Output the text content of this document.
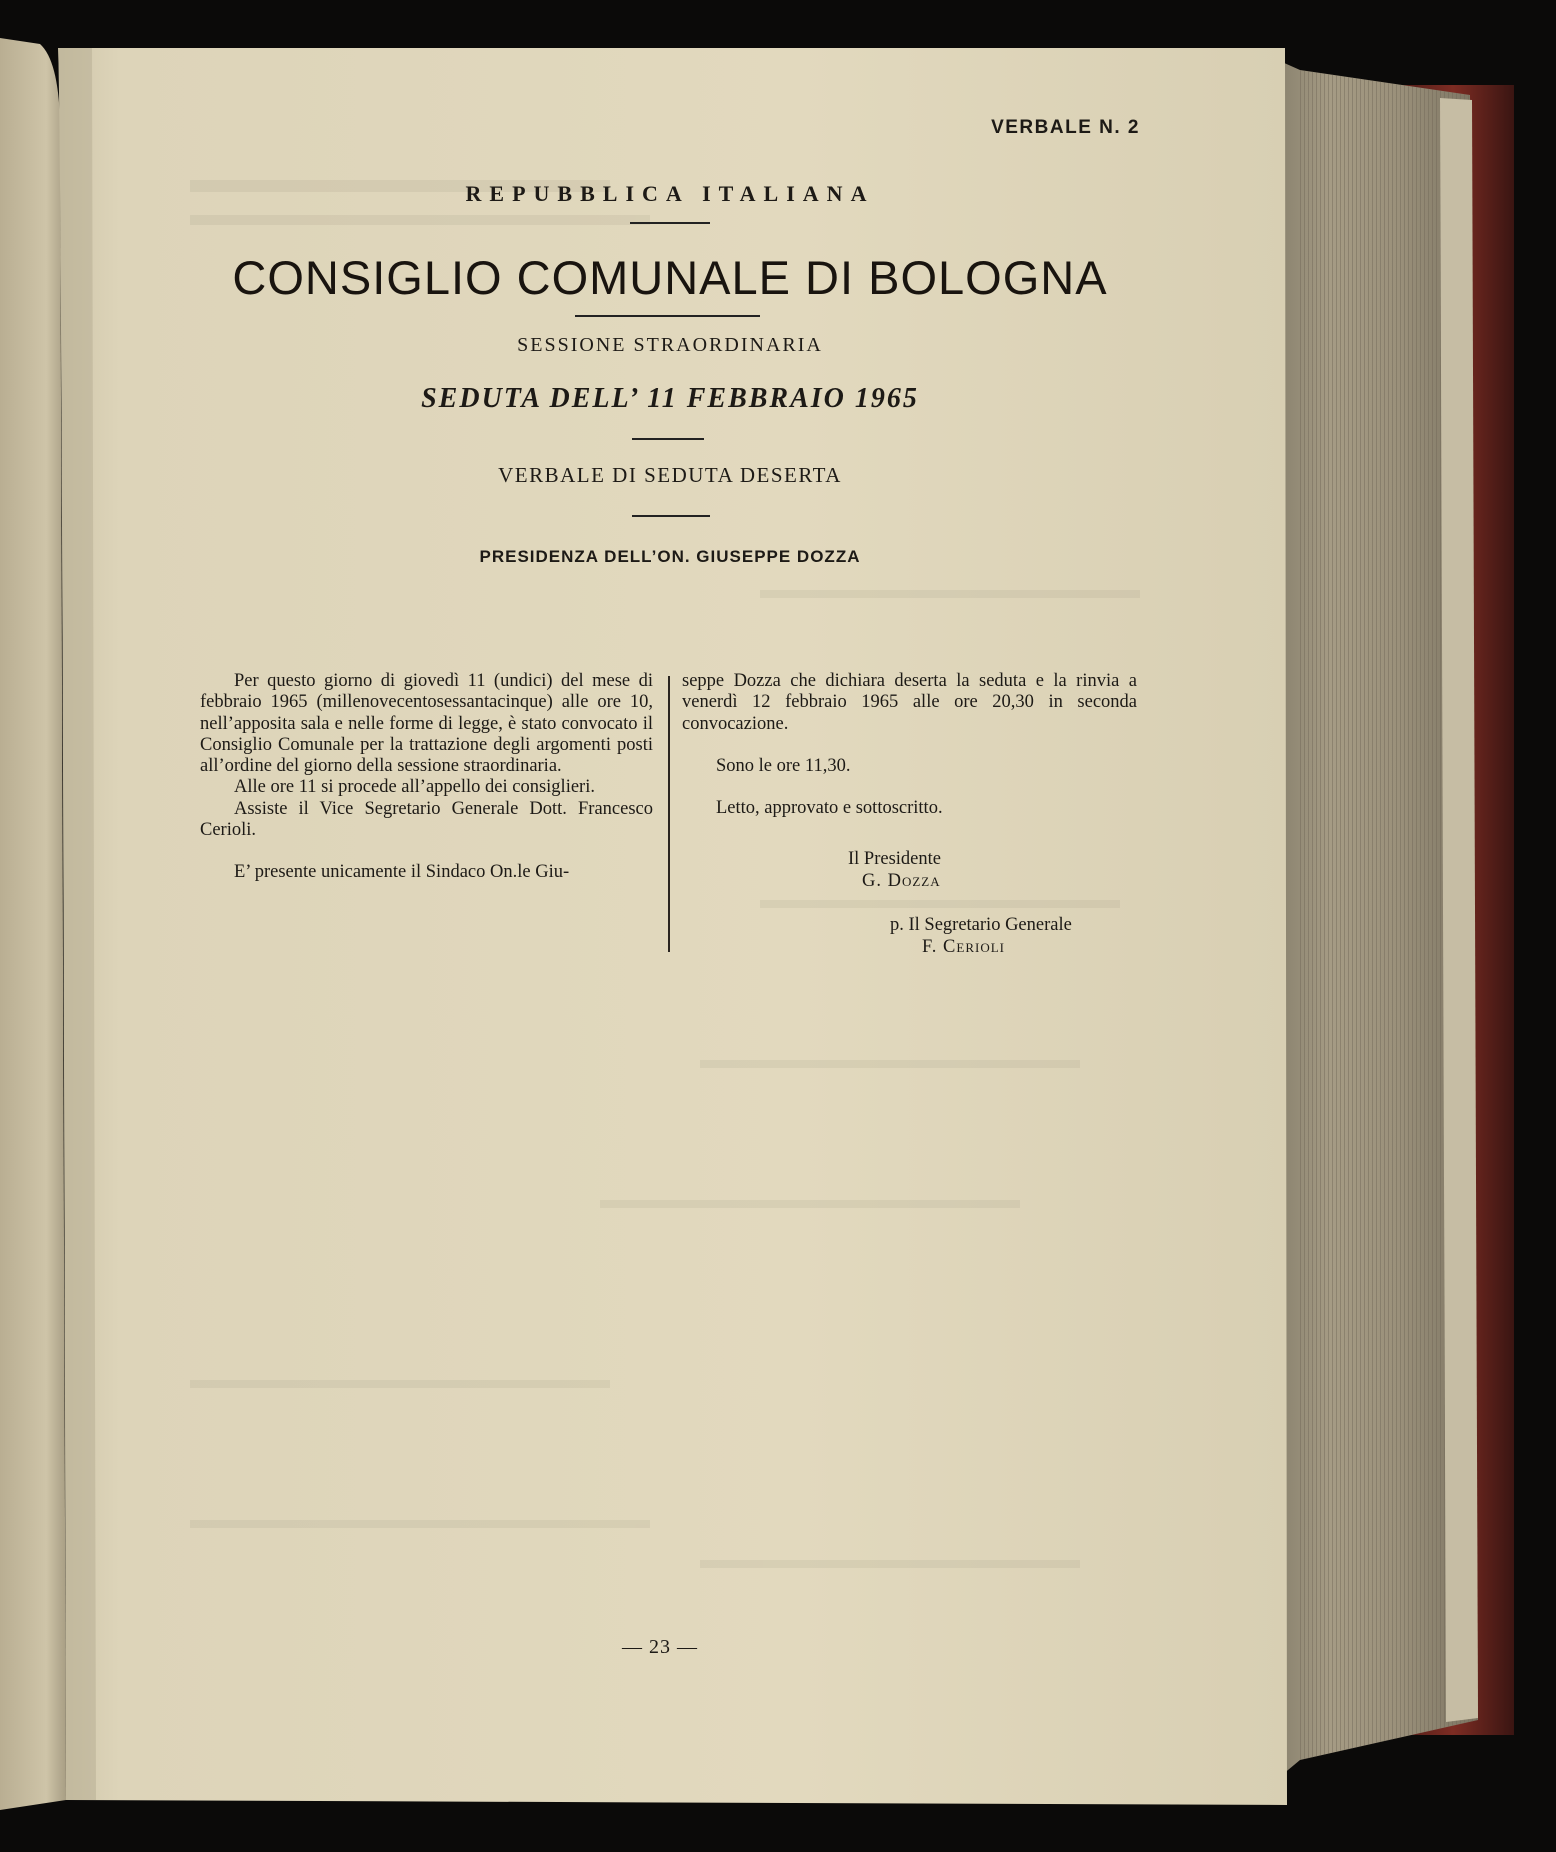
VERBALE N. 2
REPUBBLICA ITALIANA
CONSIGLIO COMUNALE DI BOLOGNA
SESSIONE STRAORDINARIA
SEDUTA DELL’ 11 FEBBRAIO 1965
VERBALE DI SEDUTA DESERTA
PRESIDENZA DELL’ON. GIUSEPPE DOZZA

Per questo giorno di giovedì 11 (undici) del mese di febbraio 1965 (millenovecentosessantacinque) alle ore 10, nell’apposita sala e nelle forme di legge, è stato convocato il Consiglio Comunale per la trattazione degli argomenti posti all’ordine del giorno della sessione straordinaria.

Alle ore 11 si procede all’appello dei consiglieri.

Assiste il Vice Segretario Generale Dott. Francesco Cerioli.

E’ presente unicamente il Sindaco On.le Giu-

seppe Dozza che dichiara deserta la seduta e la rinvia a venerdì 12 febbraio 1965 alle ore 20,30 in seconda convocazione.

Sono le ore 11,30.

Letto, approvato e sottoscritto.

Il Presidente
G. Dozza
p. Il Segretario Generale
F. Cerioli
— 23 —
